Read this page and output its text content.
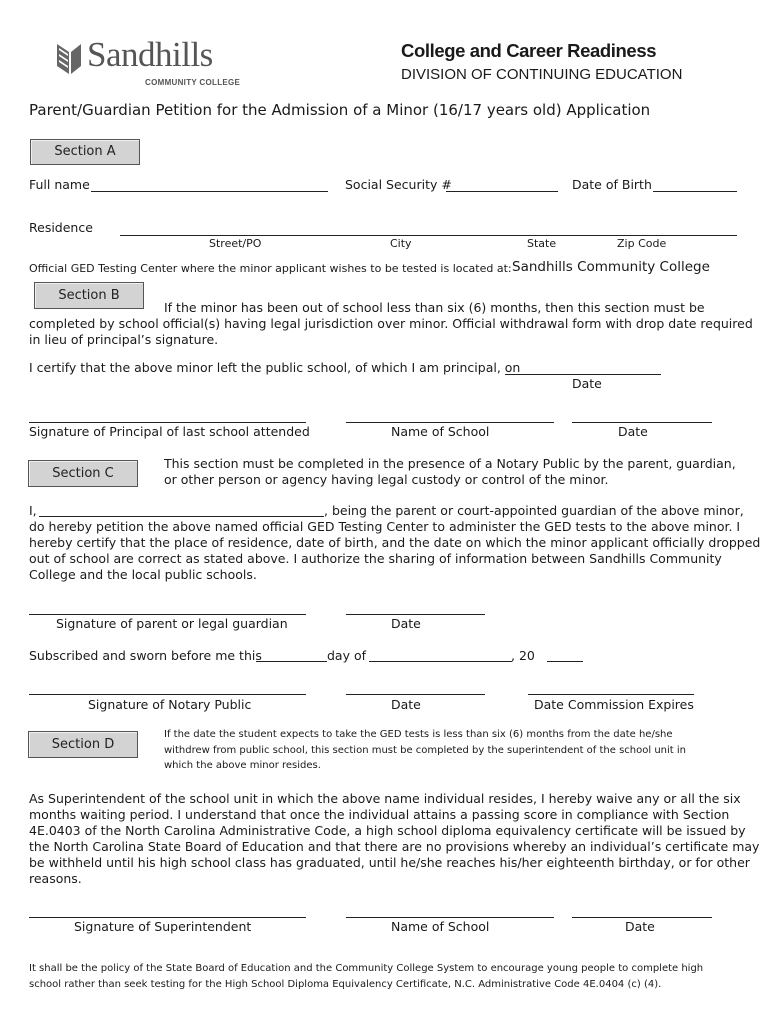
Sandhills
COMMUNITY COLLEGE
College and Career Readiness
DIVISION OF CONTINUING EDUCATION
Parent/Guardian Petition for the Admission of a Minor (16/17 years old) Application
Section A
Full name	Social Security #	Date of Birth
Residence
Street/PO	City	State	Zip Code
Official GED Testing Center where the minor applicant wishes to be tested is located at: Sandhills Community College
Section B
If the minor has been out of school less than six (6) months, then this section must be
completed by school official(s) having legal jurisdiction over minor. Official withdrawal form with drop date required
in lieu of principal’s signature.
I certify that the above minor left the public school, of which I am principal, on
Date
Signature of Principal of last school attended	Name of School	Date
Section C
This section must be completed in the presence of a Notary Public by the parent, guardian,
or other person or agency having legal custody or control of the minor.
I,	, being the parent or court-appointed guardian of the above minor,
do hereby petition the above named official GED Testing Center to administer the GED tests to the above minor. I
hereby certify that the place of residence, date of birth, and the date on which the minor applicant officially dropped
out of school are correct as stated above. I authorize the sharing of information between Sandhills Community
College and the local public schools.
Signature of parent or legal guardian	Date
Subscribed and sworn before me this	day of	, 20
Signature of Notary Public	Date	Date Commission Expires
Section D
If the date the student expects to take the GED tests is less than six (6) months from the date he/she
withdrew from public school, this section must be completed by the superintendent of the school unit in
which the above minor resides.
As Superintendent of the school unit in which the above name individual resides, I hereby waive any or all the six
months waiting period. I understand that once the individual attains a passing score in compliance with Section
4E.0403 of the North Carolina Administrative Code, a high school diploma equivalency certificate will be issued by
the North Carolina State Board of Education and that there are no provisions whereby an individual’s certificate may
be withheld until his high school class has graduated, until he/she reaches his/her eighteenth birthday, or for other
reasons.
Signature of Superintendent	Name of School	Date
It shall be the policy of the State Board of Education and the Community College System to encourage young people to complete high
school rather than seek testing for the High School Diploma Equivalency Certificate, N.C. Administrative Code 4E.0404 (c) (4).
